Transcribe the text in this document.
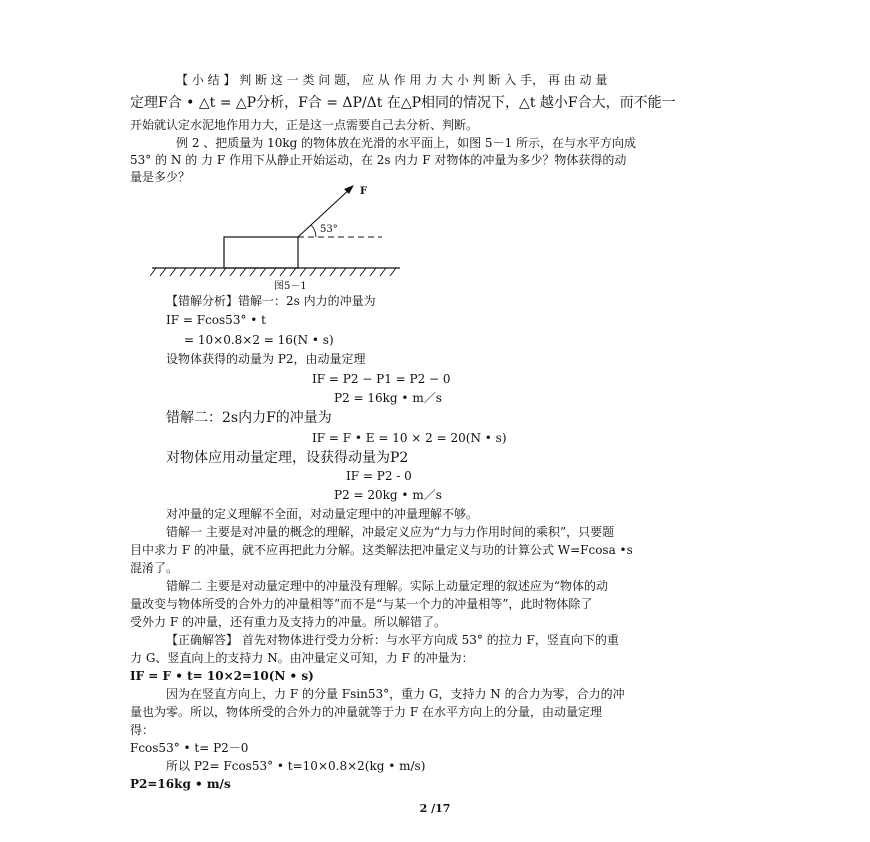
【 小 结 】 判 断 这 一 类 问 题， 应 从 作 用 力 大 小 判 断 入 手， 再 由 动 量
定理F合 • △t = △P分析，F合 = ΔP/Δt 在△P相同的情况下，△t 越小F合大，而不能一
开始就认定水泥地作用力大，正是这一点需要自己去分析、判断。
例 2 、把质量为 10kg 的物体放在光滑的水平面上，如图 5－1 所示，在与水平方向成
53° 的 N 的 力 F 作用下从静止开始运动，在 2s 内力 F 对物体的冲量为多少？物体获得的动
量是多少？
F
53°
图5－1
【错解分析】错解一：2s 内力的冲量为
IF = Fcos53° • t
= 10×0.8×2 = 16(N • s)
设物体获得的动量为 P2，由动量定理
IF = P2 − P1 = P2 − 0
P2 = 16kg • m／s
错解二：2s内力F的冲量为
IF = F • E = 10 × 2 = 20(N • s)
对物体应用动量定理，设获得动量为P2
IF = P2 - 0
P2 = 20kg • m／s
对冲量的定义理解不全面，对动量定理中的冲量理解不够。
错解一 主要是对冲量的概念的理解，冲最定义应为“力与力作用时间的乘积”，只要题
目中求力 F 的冲量，就不应再把此力分解。这类解法把冲量定义与功的计算公式 W=Fcosa •s
混淆了。
错解二 主要是对动量定理中的冲量没有理解。实际上动量定理的叙述应为“物体的动
量改变与物体所受的合外力的冲量相等”而不是“与某一个力的冲量相等”，此时物体除了
受外力 F 的冲量，还有重力及支持力的冲量。所以解错了。
【正确解答】 首先对物体进行受力分析：与水平方向成 53° 的拉力 F，竖直向下的重
力 G、竖直向上的支持力 N。由冲量定义可知，力 F 的冲量为：
IF = F • t= 10×2=10(N • s)
因为在竖直方向上，力 F 的分量 Fsin53°，重力 G，支持力 N 的合力为零，合力的冲
量也为零。所以，物体所受的合外力的冲量就等于力 F 在水平方向上的分量，由动量定理
得：
Fcos53° • t= P2－0
所以 P2= Fcos53° • t=10×0.8×2(kg • m/s)
P2=16kg • m/s
2 /17
